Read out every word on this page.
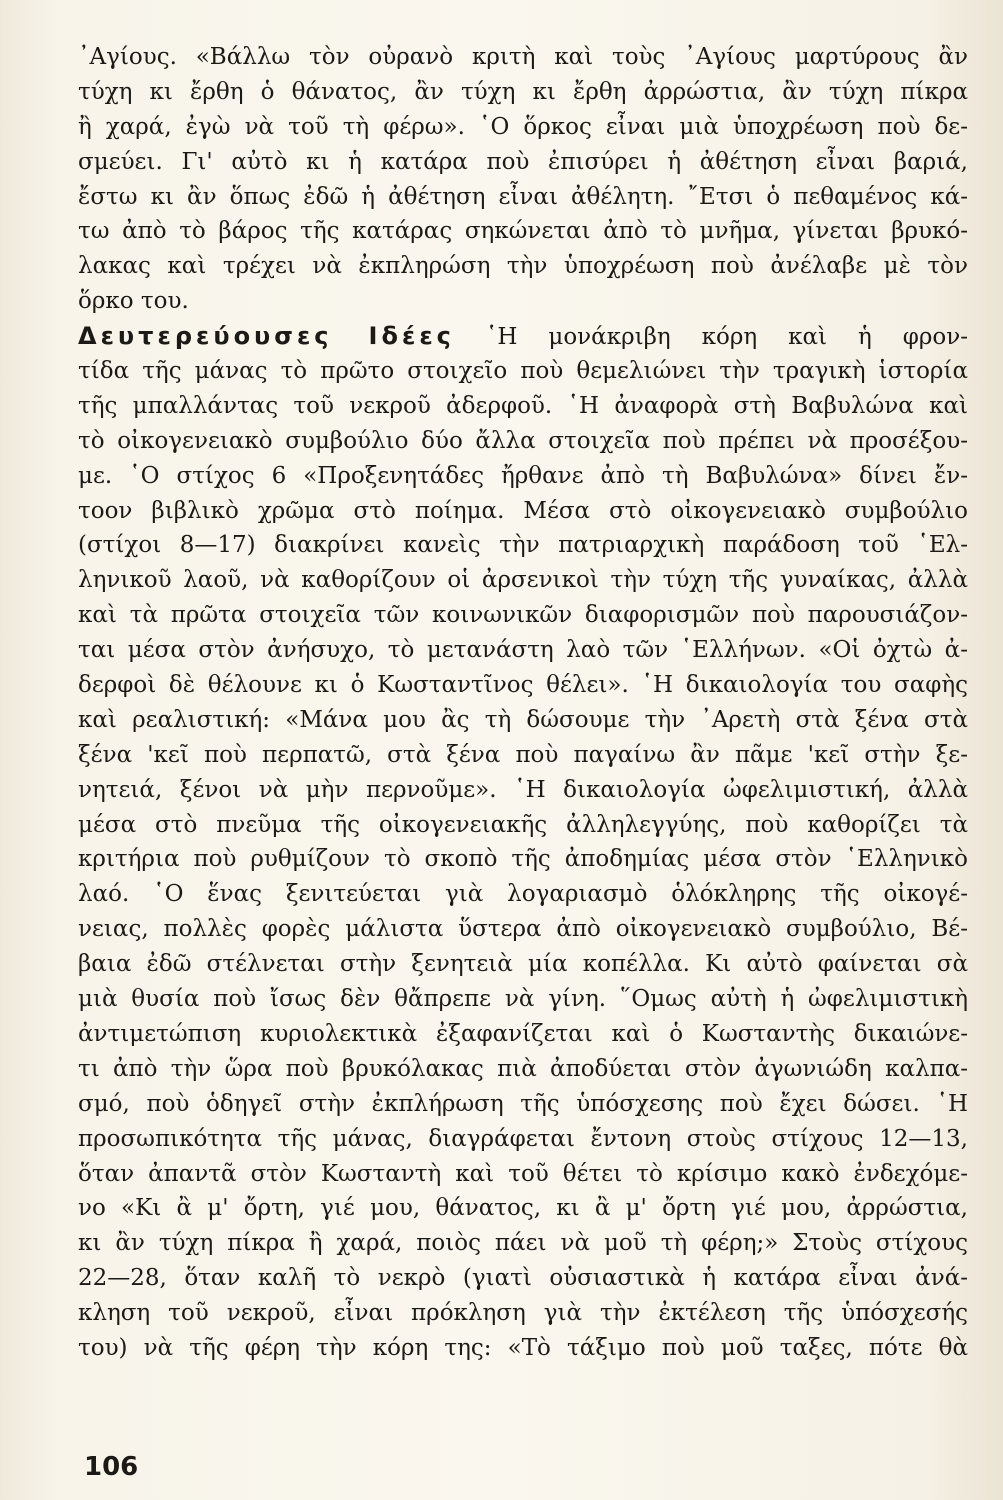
᾿Αγίους. «Βάλλω τὸν οὐρανὸ κριτὴ καὶ τοὺς ᾿Αγίους μαρτύρους ἂν
τύχη κι ἔρθη ὁ θάνατος, ἂν τύχη κι ἔρθη ἀρρώστια, ἂν τύχη πίκρα
ἢ χαρά, ἐγὼ νὰ τοῦ τὴ φέρω». ῾Ο ὅρκος εἶναι μιὰ ὑποχρέωση ποὺ δε-
σμεύει. Γι' αὐτὸ κι ἡ κατάρα ποὺ ἐπισύρει ἡ ἀθέτηση εἶναι βαριά,
ἔστω κι ἂν ὅπως ἐδῶ ἡ ἀθέτηση εἶναι ἀθέλητη. ῎Ετσι ὁ πεθαμένος κά-
τω ἀπὸ τὸ βάρος τῆς κατάρας σηκώνεται ἀπὸ τὸ μνῆμα, γίνεται βρυκό-
λακας καὶ τρέχει νὰ ἐκπληρώση τὴν ὑποχρέωση ποὺ ἀνέλαβε μὲ τὸν
ὅρκο του.
Δευτερεύουσες Ιδέες ῾Η μονάκριβη κόρη καὶ ἡ φρον-
τίδα τῆς μάνας τὸ πρῶτο στοιχεῖο ποὺ θεμελιώνει τὴν τραγικὴ ἱστορία
τῆς μπαλλάντας τοῦ νεκροῦ ἀδερφοῦ. ῾Η ἀναφορὰ στὴ Βαβυλώνα καὶ
τὸ οἰκογενειακὸ συμβούλιο δύο ἄλλα στοιχεῖα ποὺ πρέπει νὰ προσέξου-
με. ῾Ο στίχος 6 «Προξενητάδες ἤρθανε ἀπὸ τὴ Βαβυλώνα» δίνει ἔν-
τοον βιβλικὸ χρῶμα στὸ ποίημα. Μέσα στὸ οἰκογενειακὸ συμβούλιο
(στίχοι 8—17) διακρίνει κανεὶς τὴν πατριαρχικὴ παράδοση τοῦ ῾Ελ-
ληνικοῦ λαοῦ, νὰ καθορίζουν οἱ ἀρσενικοὶ τὴν τύχη τῆς γυναίκας, ἀλλὰ
καὶ τὰ πρῶτα στοιχεῖα τῶν κοινωνικῶν διαφορισμῶν ποὺ παρουσιάζον-
ται μέσα στὸν ἀνήσυχο, τὸ μετανάστη λαὸ τῶν ῾Ελλήνων. «Οἱ ὀχτὼ ἀ-
δερφοὶ δὲ θέλουνε κι ὁ Κωσταντῖνος θέλει». ῾Η δικαιολογία του σαφὴς
καὶ ρεαλιστική: «Μάνα μου ἂς τὴ δώσουμε τὴν ᾿Αρετὴ στὰ ξένα στὰ
ξένα 'κεῖ ποὺ περπατῶ, στὰ ξένα ποὺ παγαίνω ἂν πᾶμε 'κεῖ στὴν ξε-
νητειά, ξένοι νὰ μὴν περνοῦμε». ῾Η δικαιολογία ὠφελιμιστική, ἀλλὰ
μέσα στὸ πνεῦμα τῆς οἰκογενειακῆς ἀλληλεγγύης, ποὺ καθορίζει τὰ
κριτήρια ποὺ ρυθμίζουν τὸ σκοπὸ τῆς ἀποδημίας μέσα στὸν ῾Ελληνικὸ
λαό. ῾Ο ἕνας ξενιτεύεται γιὰ λογαριασμὸ ὁλόκληρης τῆς οἰκογέ-
νειας, πολλὲς φορὲς μάλιστα ὕστερα ἀπὸ οἰκογενειακὸ συμβούλιο, Βέ-
βαια ἐδῶ στέλνεται στὴν ξενητειὰ μία κοπέλλα. Κι αὐτὸ φαίνεται σὰ
μιὰ θυσία ποὺ ἴσως δὲν θἄπρεπε νὰ γίνη. ῞Ομως αὐτὴ ἡ ὠφελιμιστικὴ
ἀντιμετώπιση κυριολεκτικὰ ἐξαφανίζεται καὶ ὁ Κωσταντὴς δικαιώνε-
τι ἀπὸ τὴν ὥρα ποὺ βρυκόλακας πιὰ ἀποδύεται στὸν ἀγωνιώδη καλπα-
σμό, ποὺ ὁδηγεῖ στὴν ἐκπλήρωση τῆς ὑπόσχεσης ποὺ ἔχει δώσει. ῾Η
προσωπικότητα τῆς μάνας, διαγράφεται ἔντονη στοὺς στίχους 12—13,
ὅταν ἀπαντᾶ στὸν Κωσταντὴ καὶ τοῦ θέτει τὸ κρίσιμο κακὸ ἐνδεχόμε-
νο «Κι ἂ μ' ὄρτη, γιέ μου, θάνατος, κι ἂ μ' ὄρτη γιέ μου, ἀρρώστια,
κι ἂν τύχη πίκρα ἢ χαρά, ποιὸς πάει νὰ μοῦ τὴ φέρη;» Στοὺς στίχους
22—28, ὅταν καλῆ τὸ νεκρὸ (γιατὶ οὐσιαστικὰ ἡ κατάρα εἶναι ἀνά-
κληση τοῦ νεκροῦ, εἶναι πρόκληση γιὰ τὴν ἐκτέλεση τῆς ὑπόσχεσής
του) νὰ τῆς φέρη τὴν κόρη της: «Τὸ τάξιμο ποὺ μοῦ ταξες, πότε θὰ
106
